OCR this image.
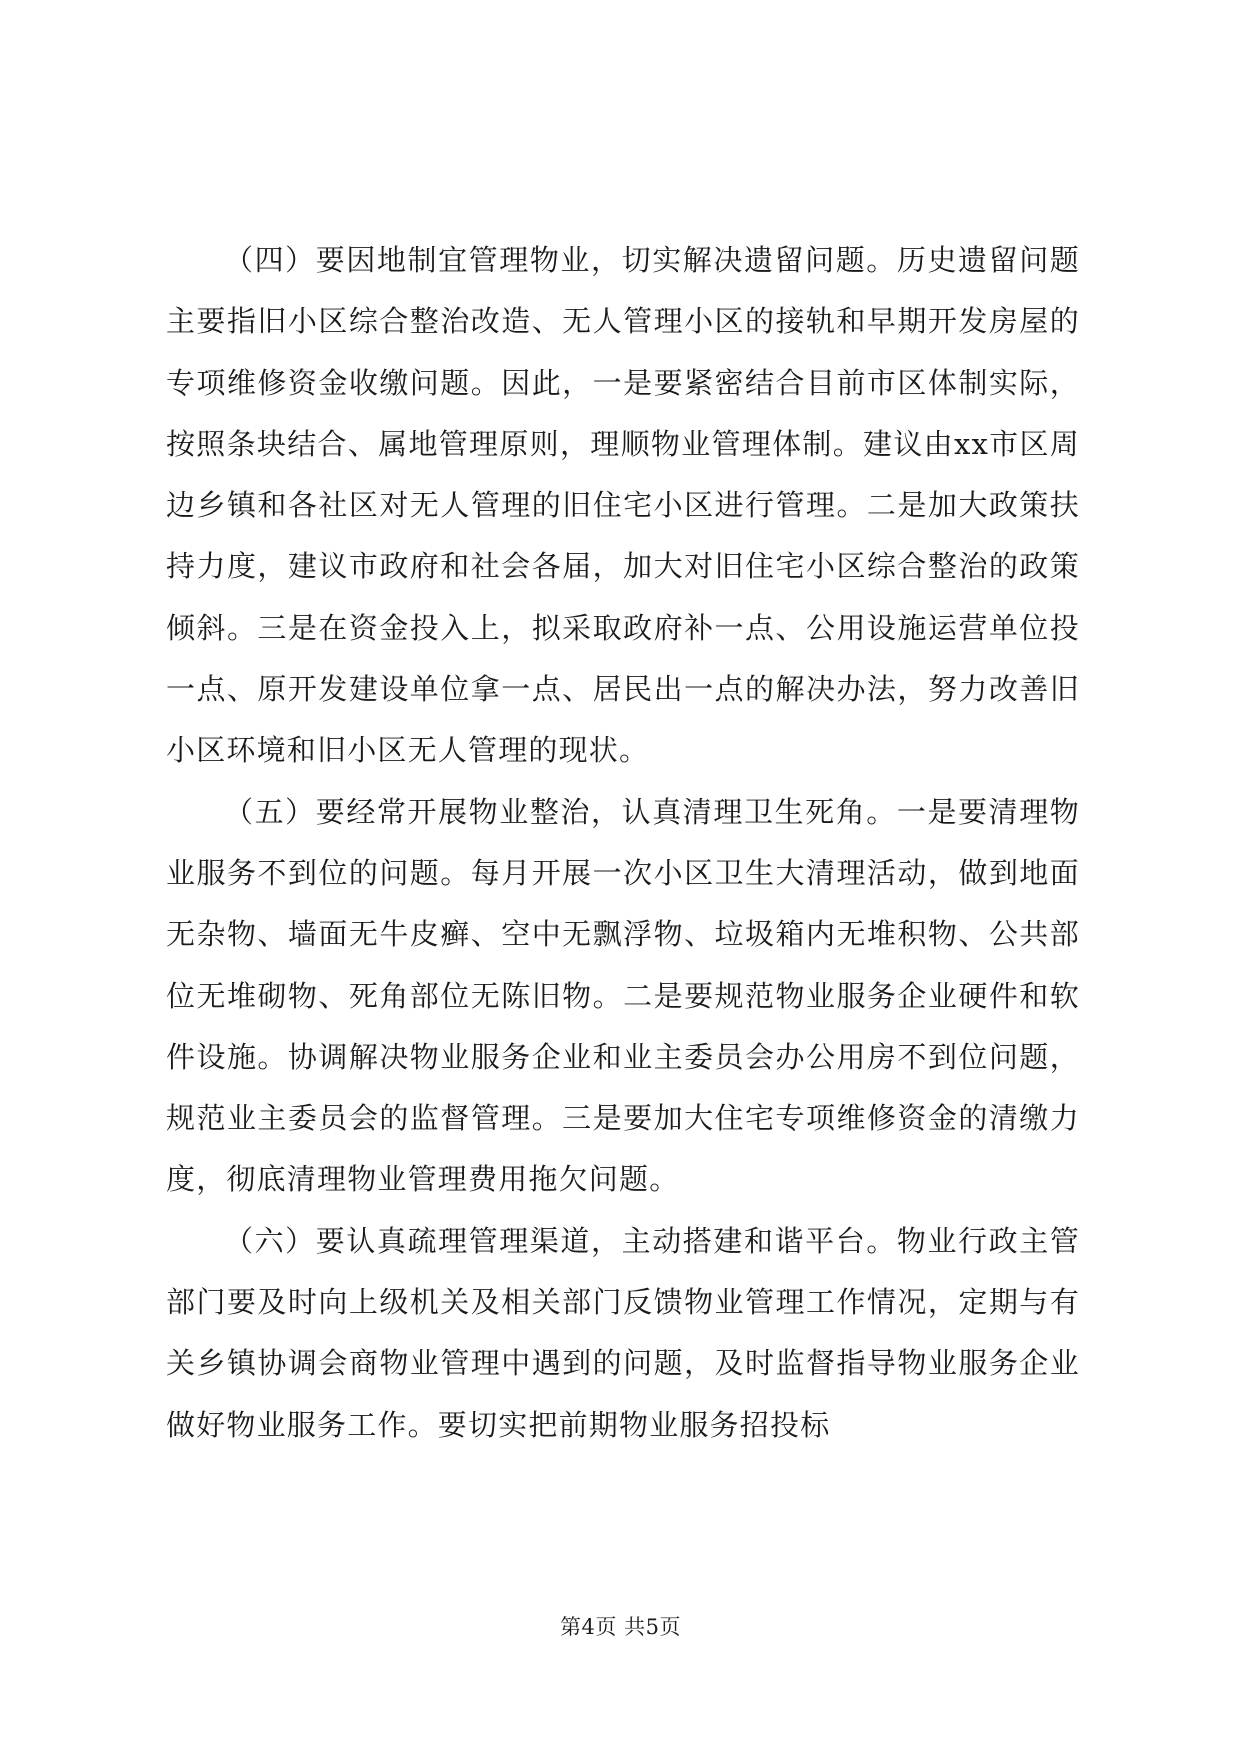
（四）要因地制宜管理物业，切实解决遗留问题。历史遗留问题主要指旧小区综合整治改造、无人管理小区的接轨和早期开发房屋的专项维修资金收缴问题。因此，一是要紧密结合目前市区体制实际，按照条块结合、属地管理原则，理顺物业管理体制。建议由xx市区周边乡镇和各社区对无人管理的旧住宅小区进行管理。二是加大政策扶持力度，建议市政府和社会各届，加大对旧住宅小区综合整治的政策倾斜。三是在资金投入上，拟采取政府补一点、公用设施运营单位投一点、原开发建设单位拿一点、居民出一点的解决办法，努力改善旧小区环境和旧小区无人管理的现状。

（五）要经常开展物业整治，认真清理卫生死角。一是要清理物业服务不到位的问题。每月开展一次小区卫生大清理活动，做到地面无杂物、墙面无牛皮癣、空中无飘浮物、垃圾箱内无堆积物、公共部位无堆砌物、死角部位无陈旧物。二是要规范物业服务企业硬件和软件设施。协调解决物业服务企业和业主委员会办公用房不到位问题，规范业主委员会的监督管理。三是要加大住宅专项维修资金的清缴力度，彻底清理物业管理费用拖欠问题。

（六）要认真疏理管理渠道，主动搭建和谐平台。物业行政主管部门要及时向上级机关及相关部门反馈物业管理工作情况，定期与有关乡镇协调会商物业管理中遇到的问题，及时监督指导物业服务企业做好物业服务工作。要切实把前期物业服务招投标

第4页 共5页
